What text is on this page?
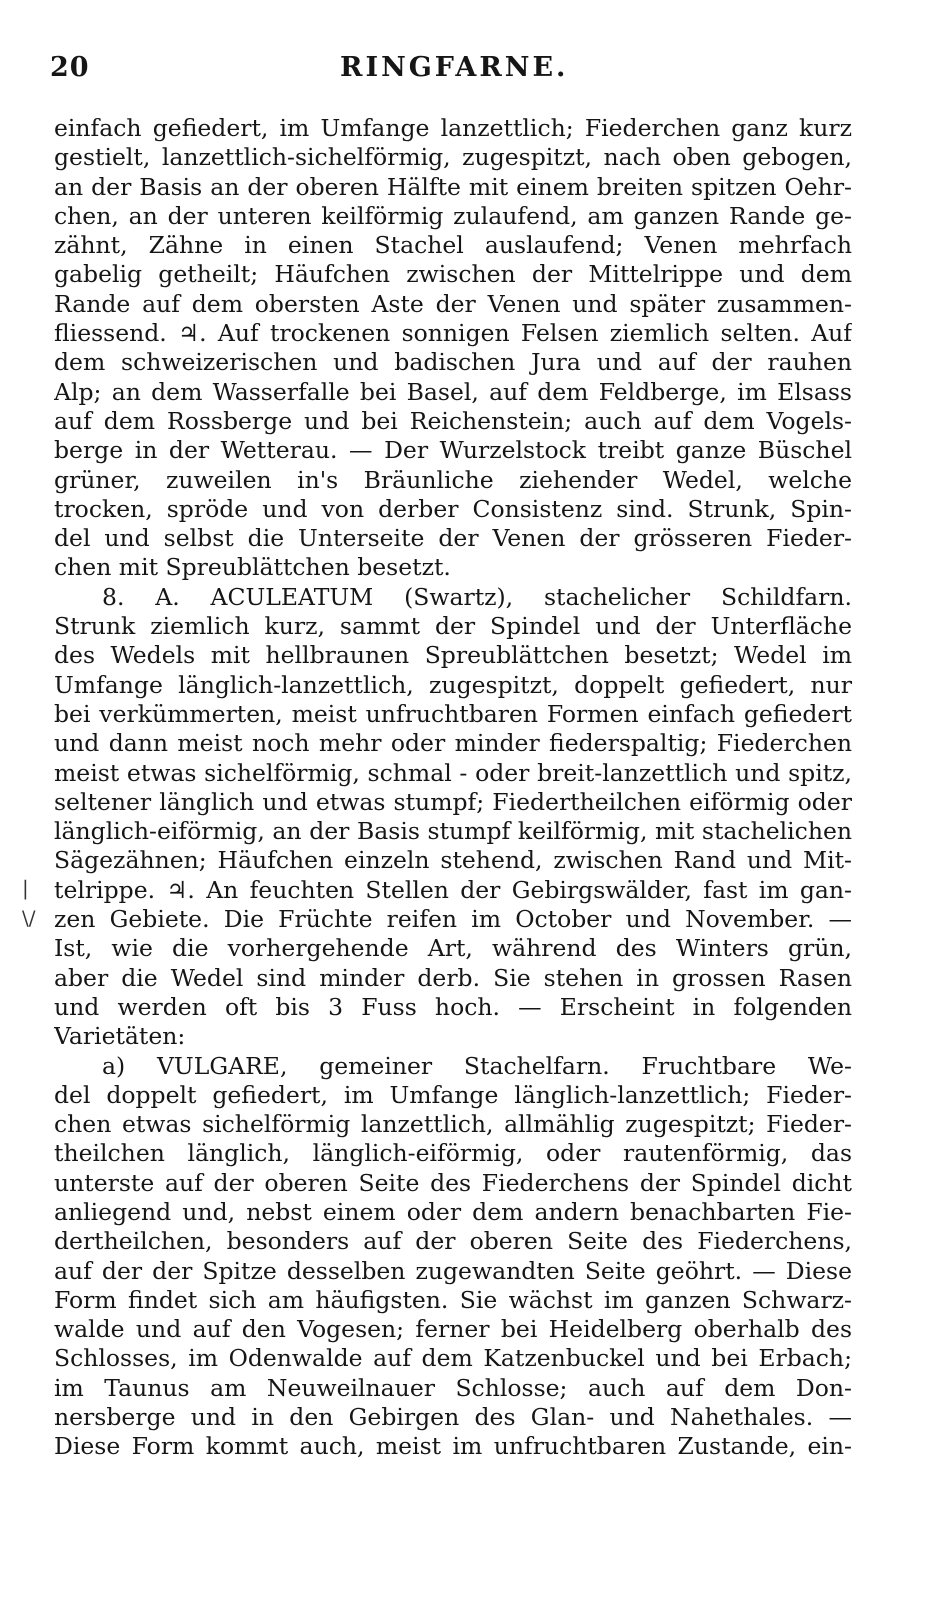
20	RINGFARNE.
|
\/
einfach gefiedert, im Umfange lanzettlich; Fiederchen ganz kurz
gestielt, lanzettlich-sichelförmig, zugespitzt, nach oben gebogen,
an der Basis an der oberen Hälfte mit einem breiten spitzen Oehr-
chen, an der unteren keilförmig zulaufend, am ganzen Rande ge-
zähnt, Zähne in einen Stachel auslaufend; Venen mehrfach
gabelig getheilt; Häufchen zwischen der Mittelrippe und dem
Rande auf dem obersten Aste der Venen und später zusammen-
fliessend. ♃. Auf trockenen sonnigen Felsen ziemlich selten. Auf
dem schweizerischen und badischen Jura und auf der rauhen
Alp; an dem Wasserfalle bei Basel, auf dem Feldberge, im Elsass
auf dem Rossberge und bei Reichenstein; auch auf dem Vogels-
berge in der Wetterau. — Der Wurzelstock treibt ganze Büschel
grüner, zuweilen in's Bräunliche ziehender Wedel, welche
trocken, spröde und von derber Consistenz sind. Strunk, Spin-
del und selbst die Unterseite der Venen der grösseren Fieder-
chen mit Spreublättchen besetzt.
8. A. ACULEATUM (Swartz), stachelicher Schildfarn.
Strunk ziemlich kurz, sammt der Spindel und der Unterfläche
des Wedels mit hellbraunen Spreublättchen besetzt; Wedel im
Umfange länglich-lanzettlich, zugespitzt, doppelt gefiedert, nur
bei verkümmerten, meist unfruchtbaren Formen einfach gefiedert
und dann meist noch mehr oder minder fiederspaltig; Fiederchen
meist etwas sichelförmig, schmal - oder breit-lanzettlich und spitz,
seltener länglich und etwas stumpf; Fiedertheilchen eiförmig oder
länglich-eiförmig, an der Basis stumpf keilförmig, mit stachelichen
Sägezähnen; Häufchen einzeln stehend, zwischen Rand und Mit-
telrippe. ♃. An feuchten Stellen der Gebirgswälder, fast im gan-
zen Gebiete. Die Früchte reifen im October und November. —
Ist, wie die vorhergehende Art, während des Winters grün,
aber die Wedel sind minder derb. Sie stehen in grossen Rasen
und werden oft bis 3 Fuss hoch. — Erscheint in folgenden
Varietäten:
a) VULGARE, gemeiner Stachelfarn. Fruchtbare We-
del doppelt gefiedert, im Umfange länglich-lanzettlich; Fieder-
chen etwas sichelförmig lanzettlich, allmählig zugespitzt; Fieder-
theilchen länglich, länglich-eiförmig, oder rautenförmig, das
unterste auf der oberen Seite des Fiederchens der Spindel dicht
anliegend und, nebst einem oder dem andern benachbarten Fie-
dertheilchen, besonders auf der oberen Seite des Fiederchens,
auf der der Spitze desselben zugewandten Seite geöhrt. — Diese
Form findet sich am häufigsten. Sie wächst im ganzen Schwarz-
walde und auf den Vogesen; ferner bei Heidelberg oberhalb des
Schlosses, im Odenwalde auf dem Katzenbuckel und bei Erbach;
im Taunus am Neuweilnauer Schlosse; auch auf dem Don-
nersberge und in den Gebirgen des Glan- und Nahethales. —
Diese Form kommt auch, meist im unfruchtbaren Zustande, ein-
